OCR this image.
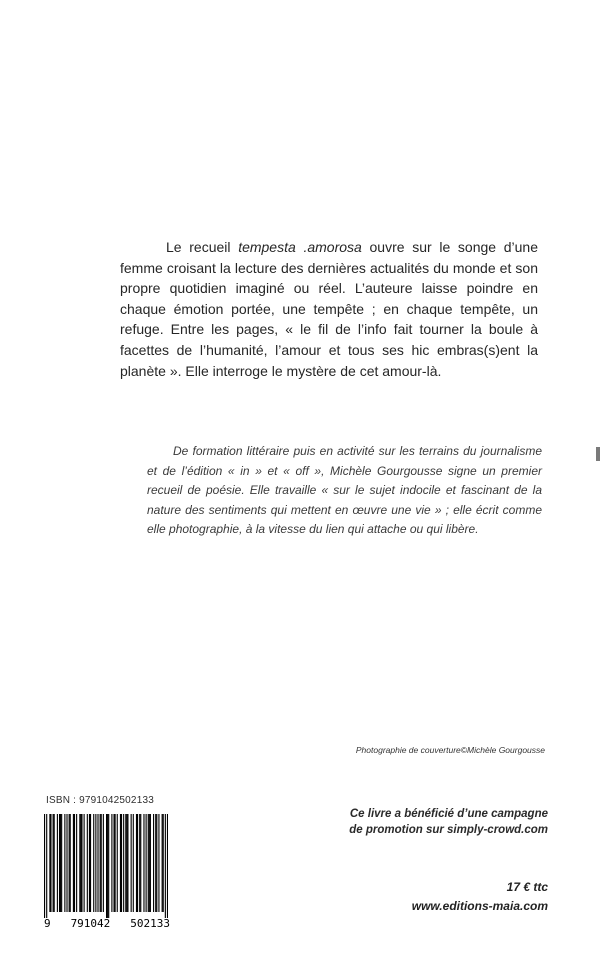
Le recueil tempesta .amorosa ouvre sur le songe d’une femme croisant la lecture des dernières actualités du monde et son propre quotidien imaginé ou réel. L’auteure laisse poindre en chaque émotion portée, une tempête ; en chaque tempête, un refuge. Entre les pages, « le fil de l’info fait tourner la boule à facettes de l’humanité, l’amour et tous ses hic embras(s)ent la planète ». Elle interroge le mystère de cet amour-là.

De formation littéraire puis en activité sur les terrains du journalisme et de l’édition « in » et « off », Michèle Gourgousse signe un premier recueil de poésie. Elle travaille « sur le sujet indocile et fascinant de la nature des sentiments qui mettent en œuvre une vie » ; elle écrit comme elle photographie, à la vitesse du lien qui attache ou qui libère.

Photographie de couverture©Michèle Gourgousse
ISBN : 9791042502133
Ce livre a bénéficié d’une campagne
de promotion sur simply-crowd.com
9 791042 502133
17 € ttc
www.editions-maia.com
